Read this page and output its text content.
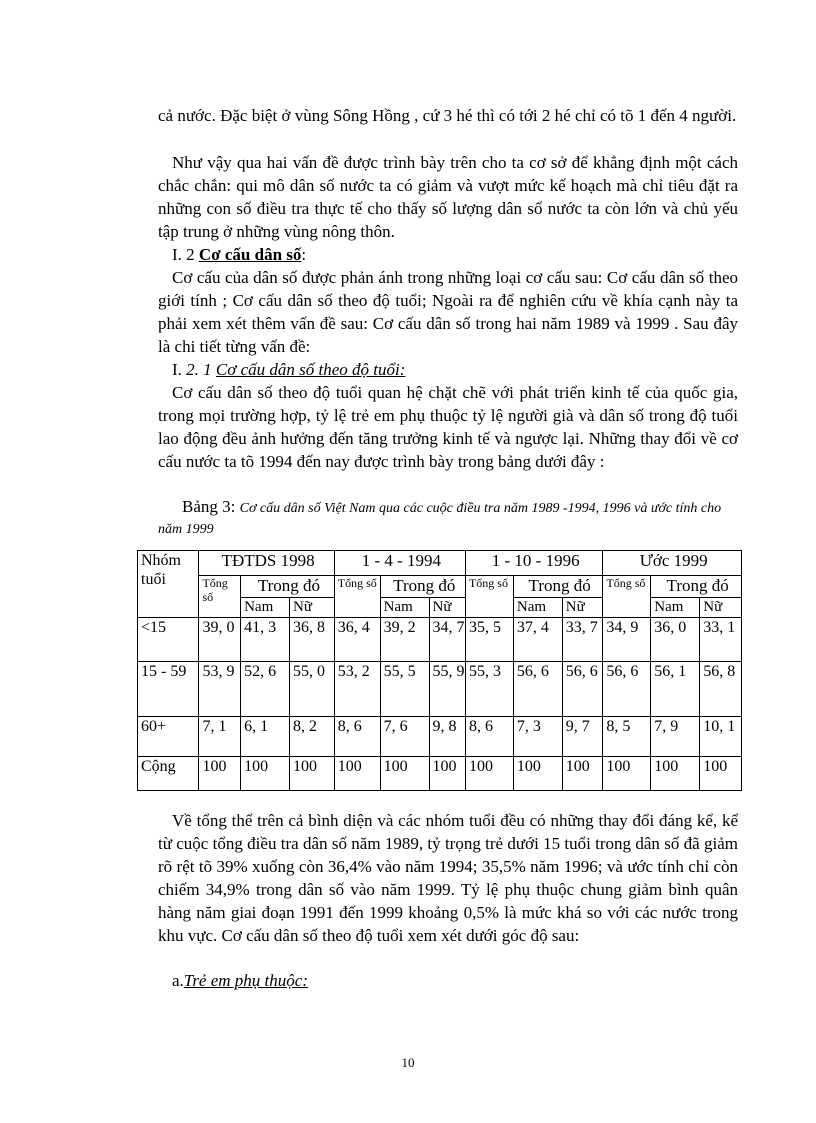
cả nước. Đặc biệt ở vùng Sông Hồng , cứ 3 hé thì có tới 2 hé chỉ có tõ 1 đến 4 người.

Như vậy qua hai vấn đề được trình bày trên cho ta cơ sở để khẳng định một cách chắc chắn: qui mô dân số nước ta có giảm và vượt mức kế hoạch mà chỉ tiêu đặt ra những con số điều tra thực tế cho thấy số lượng dân số nước ta còn lớn và chủ yếu tập trung ở những vùng nông thôn.

I. 2 Cơ cấu dân số:

Cơ cấu của dân số được phản ánh trong những loại cơ cấu sau: Cơ cấu dân số theo giới tính ; Cơ cấu dân số theo độ tuổi; Ngoài ra để nghiên cứu về khía cạnh này ta phải xem xét thêm vấn đề sau: Cơ cấu dân số trong hai năm 1989 và 1999 . Sau đây là chi tiết từng vấn đề:

I. 2. 1 Cơ cấu dân số theo độ tuổi:

Cơ cấu dân số theo độ tuổi quan hệ chặt chẽ với phát triển kinh tế của quốc gia, trong mọi trường hợp, tỷ lệ trẻ em phụ thuộc tỷ lệ người già và dân số trong độ tuổi lao động đều ảnh hưởng đến tăng trưởng kinh tế và ngược lại. Những thay đổi về cơ cấu nước ta tõ 1994 đến nay được trình bày trong bảng dưới đây :

Bảng 3: Cơ cấu dân số Việt Nam qua các cuộc điều tra năm 1989 -1994, 1996 và ước tính cho năm 1999

Nhóm tuổi	TĐTDS 1998			1 - 4 - 1994			1 - 10 - 1996			Ước 1999		
	Tổng số	Trong đó		Tổng số	Trong đó		Tổng số	Trong đó		Tổng số	Trong đó	
		Nam	Nữ		Nam	Nữ		Nam	Nữ		Nam	Nữ
<15	39, 0	41, 3	36, 8	36, 4	39, 2	34, 7	35, 5	37, 4	33, 7	34, 9	36, 0	33, 1
15 - 59	53, 9	52, 6	55, 0	53, 2	55, 5	55, 9	55, 3	56, 6	56, 6	56, 6	56, 1	56, 8
60+	7, 1	6, 1	8, 2	8, 6	7, 6	9, 8	8, 6	7, 3	9, 7	8, 5	7, 9	10, 1
Cộng	100	100	100	100	100	100	100	100	100	100	100	100

Về tổng thể trên cả bình diện và các nhóm tuổi đều có những thay đổi đáng kể, kể từ cuộc tổng điều tra dân số năm 1989, tỷ trọng trẻ dưới 15 tuổi trong dân số đã giảm rõ rệt tõ 39% xuống còn 36,4% vào năm 1994; 35,5% năm 1996; và ước tính chỉ còn chiếm 34,9% trong dân số vào năm 1999. Tỷ lệ phụ thuộc chung giảm bình quân hàng năm giai đoạn 1991 đến 1999 khoảng 0,5% là mức khá so với các nước trong khu vực. Cơ cấu dân số theo độ tuổi xem xét dưới góc độ sau:

a.Trẻ em phụ thuộc:

10
